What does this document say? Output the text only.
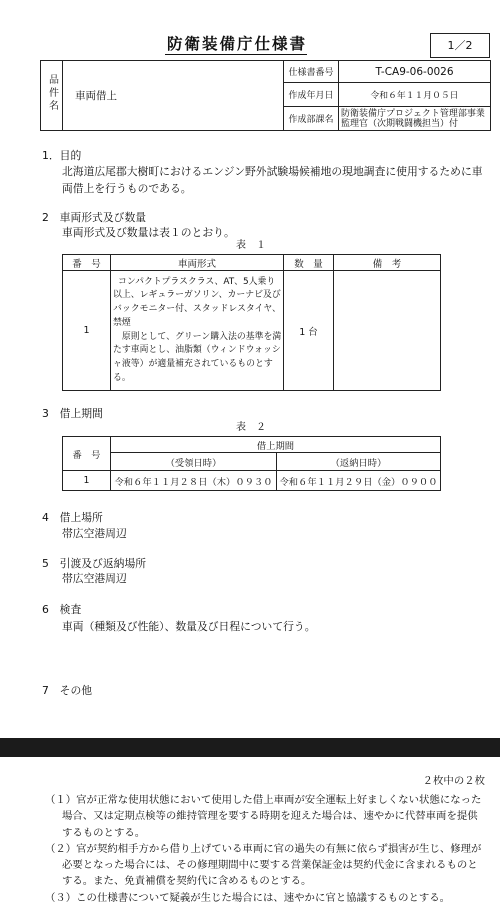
防衛装備庁仕様書	1／2
品件名	車両借上	仕様書番号	T-CA9-06-0026
		作成年月日	令和６年１１月０５日
		作成部課名	防衛装備庁プロジェクト管理部事業監理官（次期戦闘機担当）付
1．目的
北海道広尾郡大樹町におけるエンジン野外試験場候補地の現地調査に使用するために車両借上を行うものである。
2　車両形式及び数量
車両形式及び数量は表１のとおり。
表　１
番　号	車両形式	数　量	備　考
1	コンパクトプラスクラス、AT、5人乗り以上、レギュラーガソリン、カーナビ及びバックモニター付、スタッドレスタイヤ、禁煙

　原則として、グリーン購入法の基準を満たす車両とし、油脂類（ウィンドウォッシャ液等）が適量補充されているものとする。	1 台	
3　借上期間
表　２
番　号	借上期間	
	（受領日時）	（返納日時）
1	令和６年１１月２８日（木）０９３０	令和６年１１月２９日（金）０９００
4　借上場所
帯広空港周辺
5　引渡及び返納場所
帯広空港周辺
6　検査
車両（種類及び性能）、数量及び日程について行う。
7　その他
２枚中の２枚
（１）官が正常な使用状態において使用した借上車両が安全運転上好ましくない状態になった場合、又は定期点検等の維持管理を要する時期を迎えた場合は、速やかに代替車両を提供するものとする。
（２）官が契約相手方から借り上げている車両に官の過失の有無に依らず損害が生じ、修理が必要となった場合には、その修理期間中に要する営業保証金は契約代金に含まれるものとする。また、免責補償を契約代に含めるものとする。
（３）この仕様書について疑義が生じた場合には、速やかに官と協議するものとする。
